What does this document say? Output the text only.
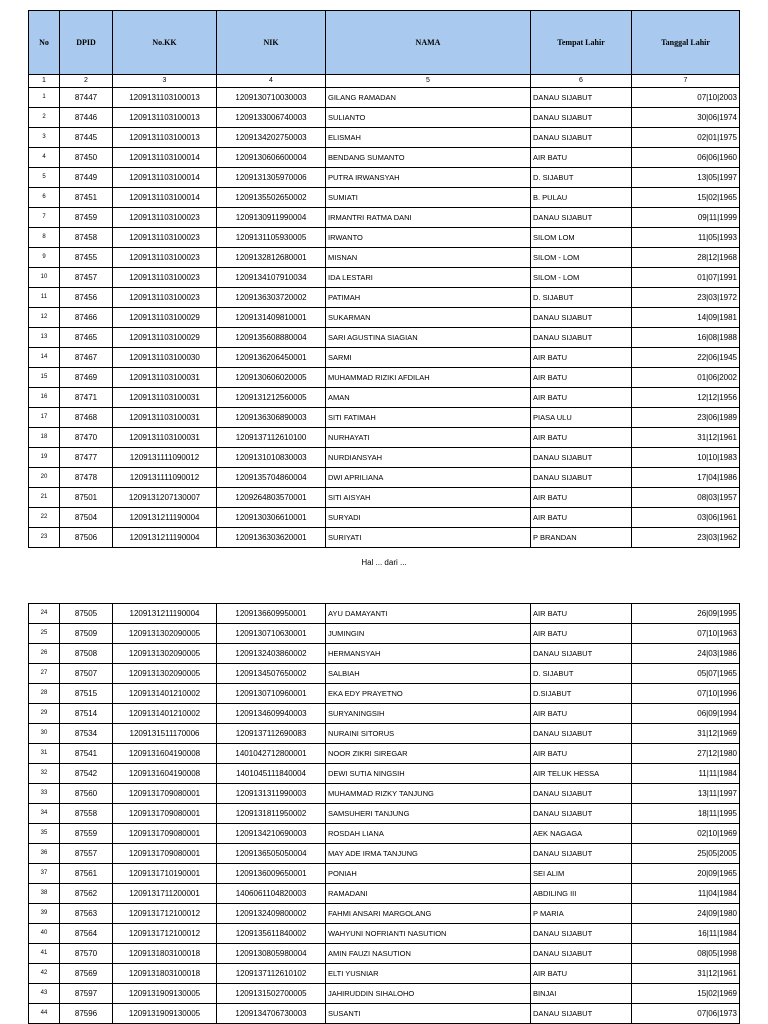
No	DPID	No.KK	NIK	NAMA	Tempat Lahir	Tanggal Lahir
1	2	3	4	5	6	7
1	87447	1209131103100013	1209130710030003	GILANG RAMADAN	DANAU SIJABUT	07|10|2003
2	87446	1209131103100013	1209133006740003	SULIANTO	DANAU SIJABUT	30|06|1974
3	87445	1209131103100013	1209134202750003	ELISMAH	DANAU SIJABUT	02|01|1975
4	87450	1209131103100014	1209130606600004	BENDANG SUMANTO	AIR BATU	06|06|1960
5	87449	1209131103100014	1209131305970006	PUTRA IRWANSYAH	D. SIJABUT	13|05|1997
6	87451	1209131103100014	1209135502650002	SUMIATI	B. PULAU	15|02|1965
7	87459	1209131103100023	1209130911990004	IRMANTRI RATMA DANI	DANAU SIJABUT	09|11|1999
8	87458	1209131103100023	1209131105930005	IRWANTO	SILOM LOM	11|05|1993
9	87455	1209131103100023	1209132812680001	MISNAN	SILOM - LOM	28|12|1968
10	87457	1209131103100023	1209134107910034	IDA LESTARI	SILOM - LOM	01|07|1991
11	87456	1209131103100023	1209136303720002	PATIMAH	D. SIJABUT	23|03|1972
12	87466	1209131103100029	1209131409810001	SUKARMAN	DANAU SIJABUT	14|09|1981
13	87465	1209131103100029	1209135608880004	SARI AGUSTINA SIAGIAN	DANAU SIJABUT	16|08|1988
14	87467	1209131103100030	1209136206450001	SARMI	AIR BATU	22|06|1945
15	87469	1209131103100031	1209130606020005	MUHAMMAD RIZIKI AFDILAH	AIR BATU	01|06|2002
16	87471	1209131103100031	1209131212560005	AMAN	AIR BATU	12|12|1956
17	87468	1209131103100031	1209136306890003	SITI FATIMAH	PIASA ULU	23|06|1989
18	87470	1209131103100031	1209137112610100	NURHAYATI	AIR BATU	31|12|1961
19	87477	1209131111090012	1209131010830003	NURDIANSYAH	DANAU SIJABUT	10|10|1983
20	87478	1209131111090012	1209135704860004	DWI APRILIANA	DANAU SIJABUT	17|04|1986
21	87501	1209131207130007	1209264803570001	SITI AISYAH	AIR BATU	08|03|1957
22	87504	1209131211190004	1209130306610001	SURYADI	AIR BATU	03|06|1961
23	87506	1209131211190004	1209136303620001	SURIYATI	P BRANDAN	23|03|1962
Hal ... dari ...
24	87505	1209131211190004	1209136609950001	AYU DAMAYANTI	AIR BATU	26|09|1995
25	87509	1209131302090005	1209130710630001	JUMINGIN	AIR BATU	07|10|1963
26	87508	1209131302090005	1209132403860002	HERMANSYAH	DANAU SIJABUT	24|03|1986
27	87507	1209131302090005	1209134507650002	SALBIAH	D. SIJABUT	05|07|1965
28	87515	1209131401210002	1209130710960001	EKA EDY PRAYETNO	D.SIJABUT	07|10|1996
29	87514	1209131401210002	1209134609940003	SURYANINGSIH	AIR BATU	06|09|1994
30	87534	1209131511170006	1209137112690083	NURAINI SITORUS	DANAU SIJABUT	31|12|1969
31	87541	1209131604190008	1401042712800001	NOOR ZIKRI SIREGAR	AIR BATU	27|12|1980
32	87542	1209131604190008	1401045111840004	DEWI SUTIA NINGSIH	AIR TELUK HESSA	11|11|1984
33	87560	1209131709080001	1209131311990003	MUHAMMAD RIZKY TANJUNG	DANAU SIJABUT	13|11|1997
34	87558	1209131709080001	1209131811950002	SAMSUHERI TANJUNG	DANAU SIJABUT	18|11|1995
35	87559	1209131709080001	1209134210690003	ROSDAH LIANA	AEK NAGAGA	02|10|1969
36	87557	1209131709080001	1209136505050004	MAY ADE IRMA TANJUNG	DANAU SIJABUT	25|05|2005
37	87561	1209131710190001	1209136009650001	PONIAH	SEI ALIM	20|09|1965
38	87562	1209131711200001	1406061104820003	RAMADANI	ABDILING III	11|04|1984
39	87563	1209131712100012	1209132409800002	FAHMI ANSARI MARGOLANG	P MARIA	24|09|1980
40	87564	1209131712100012	1209135611840002	WAHYUNI NOFRIANTI NASUTION	DANAU SIJABUT	16|11|1984
41	87570	1209131803100018	1209130805980004	AMIN FAUZI NASUTION	DANAU SIJABUT	08|05|1998
42	87569	1209131803100018	1209137112610102	ELTI YUSNIAR	AIR BATU	31|12|1961
43	87597	1209131909130005	1209131502700005	JAHIRUDDIN SIHALOHO	BINJAI	15|02|1969
44	87596	1209131909130005	1209134706730003	SUSANTI	DANAU SIJABUT	07|06|1973
